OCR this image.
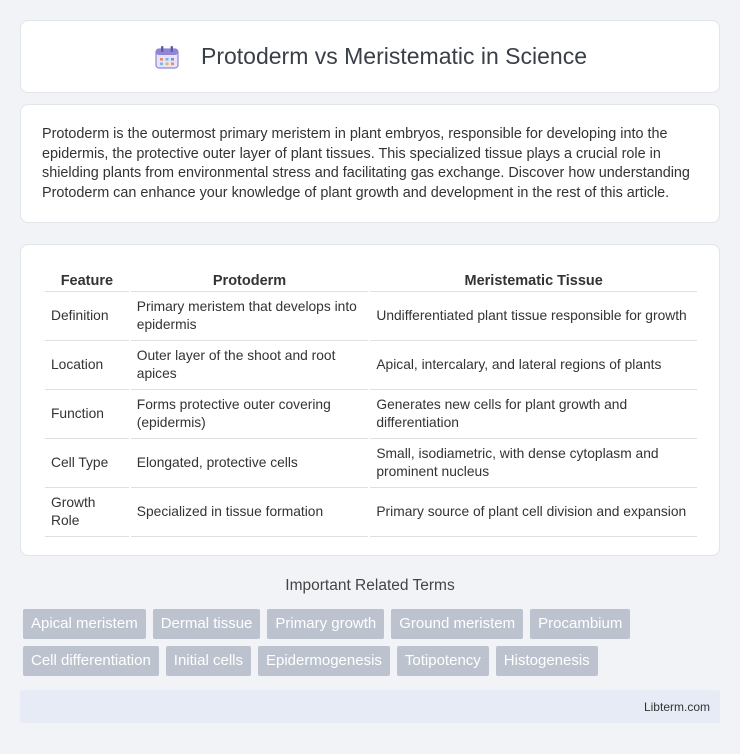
Protoderm vs Meristematic in Science

Protoderm is the outermost primary meristem in plant embryos, responsible for developing into the epidermis, the protective outer layer of plant tissues. This specialized tissue plays a crucial role in shielding plants from environmental stress and facilitating gas exchange. Discover how understanding Protoderm can enhance your knowledge of plant growth and development in the rest of this article.

Feature	Protoderm	Meristematic Tissue
Definition	Primary meristem that develops into epidermis	Undifferentiated plant tissue responsible for growth
Location	Outer layer of the shoot and root apices	Apical, intercalary, and lateral regions of plants
Function	Forms protective outer covering (epidermis)	Generates new cells for plant growth and differentiation
Cell Type	Elongated, protective cells	Small, isodiametric, with dense cytoplasm and prominent nucleus
Growth Role	Specialized in tissue formation	Primary source of plant cell division and expansion
Important Related Terms
Apical meristem	Dermal tissue	Primary growth	Ground meristem	Procambium
Cell differentiation	Initial cells	Epidermogenesis	Totipotency	Histogenesis
Libterm.com
